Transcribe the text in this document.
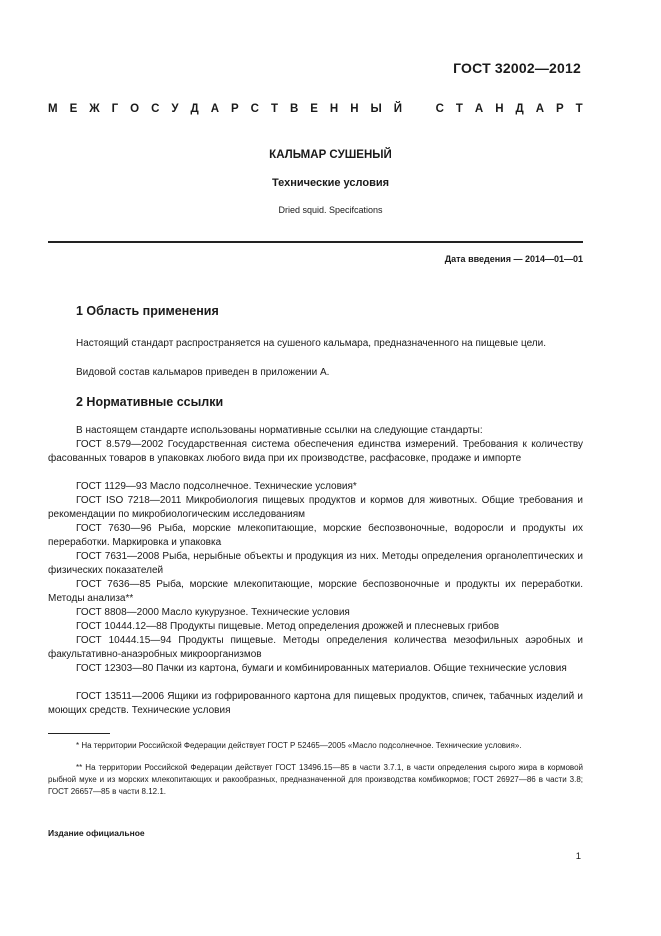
ГОСТ 32002—2012
М Е Ж Г О С У Д А Р С Т В Е Н Н Ы Й
	С Т А Н Д А Р Т
КАЛЬМАР СУШЕНЫЙ
Технические условия
Dried squid. Specifcations
Дата введения — 2014—01—01
1 Область применения
Настоящий стандарт распространяется на сушеного кальмара, предназначенного на пищевые цели.
Видовой состав кальмаров приведен в приложении А.
2 Нормативные ссылки
В настоящем стандарте использованы нормативные ссылки на следующие стандарты:
ГОСТ 8.579—2002 Государственная система обеспечения единства измерений. Требования к количеству фасованных товаров в упаковках любого вида при их производстве, расфасовке, продаже и импорте
ГОСТ 1129—93 Масло подсолнечное. Технические условия*
ГОСТ ISO 7218—2011 Микробиология пищевых продуктов и кормов для животных. Общие требования и рекомендации по микробиологическим исследованиям
ГОСТ 7630—96 Рыба, морские млекопитающие, морские беспозвоночные, водоросли и продукты их переработки. Маркировка и упаковка
ГОСТ 7631—2008 Рыба, нерыбные объекты и продукция из них. Методы определения органолептических и физических показателей
ГОСТ 7636—85 Рыба, морские млекопитающие, морские беспозвоночные и продукты их переработки. Методы анализа**
ГОСТ 8808—2000 Масло кукурузное. Технические условия
ГОСТ 10444.12—88 Продукты пищевые. Метод определения дрожжей и плесневых грибов
ГОСТ 10444.15—94 Продукты пищевые. Методы определения количества мезофильных аэробных и факультативно-анаэробных микроорганизмов
ГОСТ 12303—80 Пачки из картона, бумаги и комбинированных материалов. Общие технические условия
ГОСТ 13511—2006 Ящики из гофрированного картона для пищевых продуктов, спичек, табачных изделий и моющих средств. Технические условия
* На территории Российской Федерации действует ГОСТ Р 52465—2005 «Масло подсолнечное. Технические условия».
** На территории Российской Федерации действует ГОСТ 13496.15—85 в части 3.7.1, в части определения сырого жира в кормовой рыбной муке и из морских млекопитающих и ракообразных, предназначенной для производства комбикормов; ГОСТ 26927—86 в части 3.8; ГОСТ 26657—85 в части 8.12.1.
Издание официальное
1
